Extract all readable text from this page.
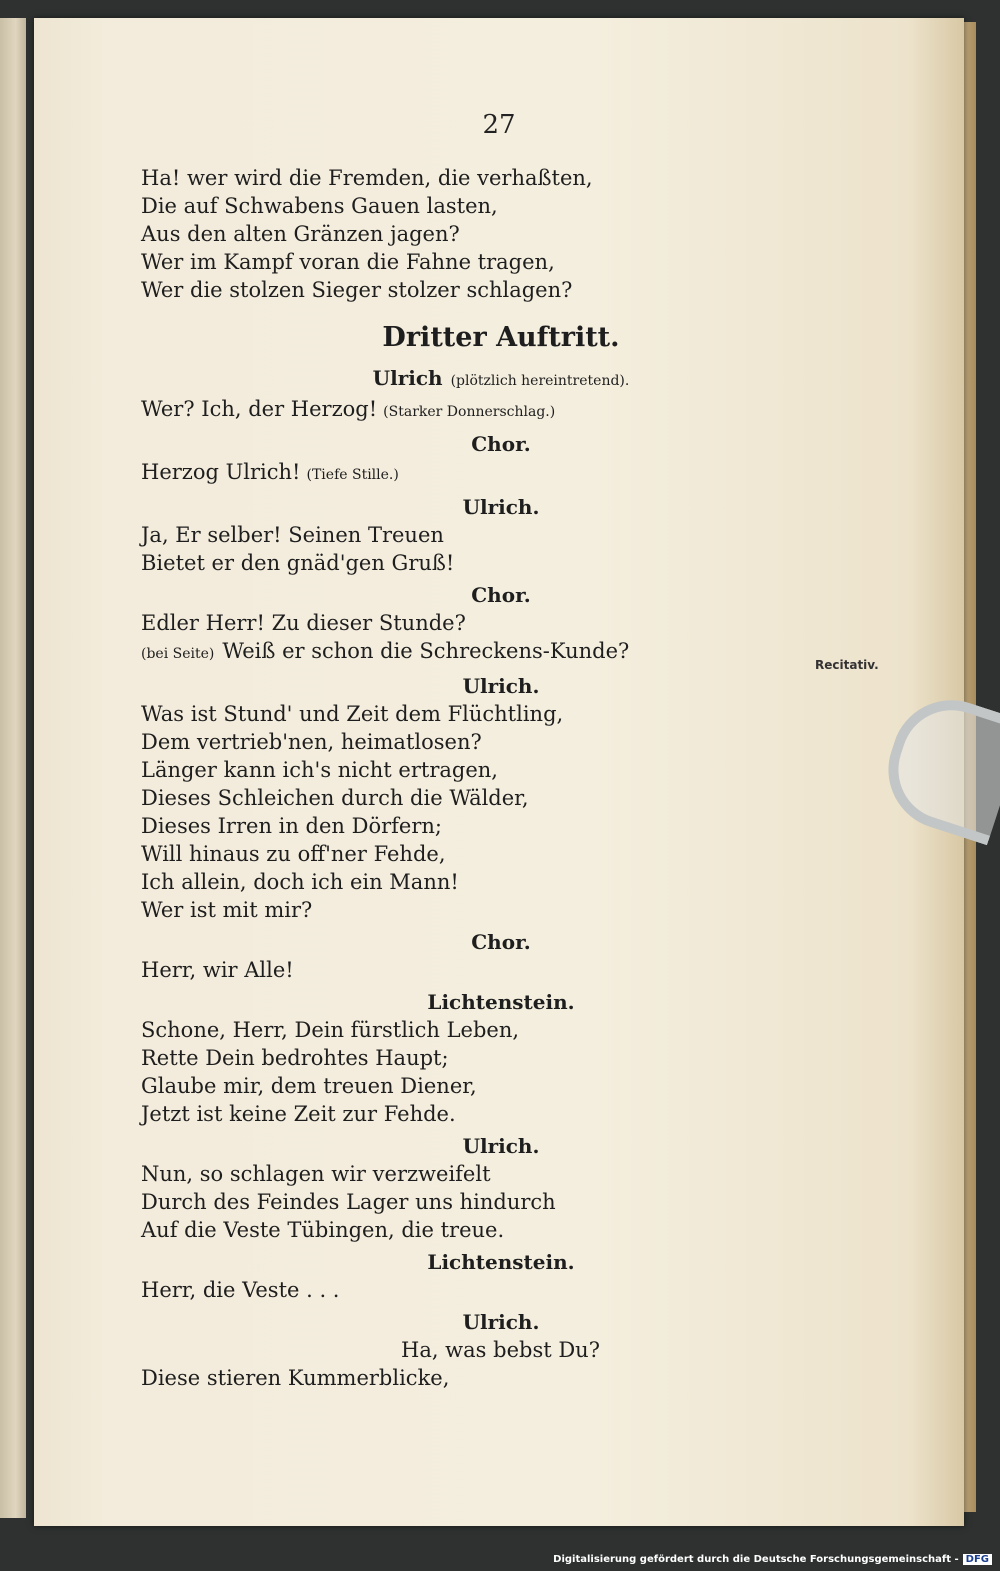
27
Ha! wer wird die Fremden, die verhaßten,
Die auf Schwabens Gauen lasten,
Aus den alten Gränzen jagen?
Wer im Kampf voran die Fahne tragen,
Wer die stolzen Sieger stolzer schlagen?
Dritter Auftritt.
Ulrich (plötzlich hereintretend).
Wer? Ich, der Herzog! (Starker Donnerschlag.)
Chor.
Herzog Ulrich! (Tiefe Stille.)
Ulrich.
Ja, Er selber! Seinen Treuen
Bietet er den gnäd'gen Gruß!
Chor.
Edler Herr! Zu dieser Stunde?
(bei Seite) Weiß er schon die Schreckens-Kunde?
Ulrich.
Was ist Stund' und Zeit dem Flüchtling,
Dem vertrieb'nen, heimatlosen?
Länger kann ich's nicht ertragen,
Dieses Schleichen durch die Wälder,
Dieses Irren in den Dörfern;
Will hinaus zu off'ner Fehde,
Ich allein, doch ich ein Mann!
Wer ist mit mir?
Chor.
Herr, wir Alle!
Lichtenstein.
Schone, Herr, Dein fürstlich Leben,
Rette Dein bedrohtes Haupt;
Glaube mir, dem treuen Diener,
Jetzt ist keine Zeit zur Fehde.
Ulrich.
Nun, so schlagen wir verzweifelt
Durch des Feindes Lager uns hindurch
Auf die Veste Tübingen, die treue.
Lichtenstein.
Herr, die Veste . . .
Ulrich.
Ha, was bebst Du?
Diese stieren Kummerblicke,
Recitativ.
Digitalisierung gefördert durch die Deutsche Forschungsgemeinschaft - DFG
